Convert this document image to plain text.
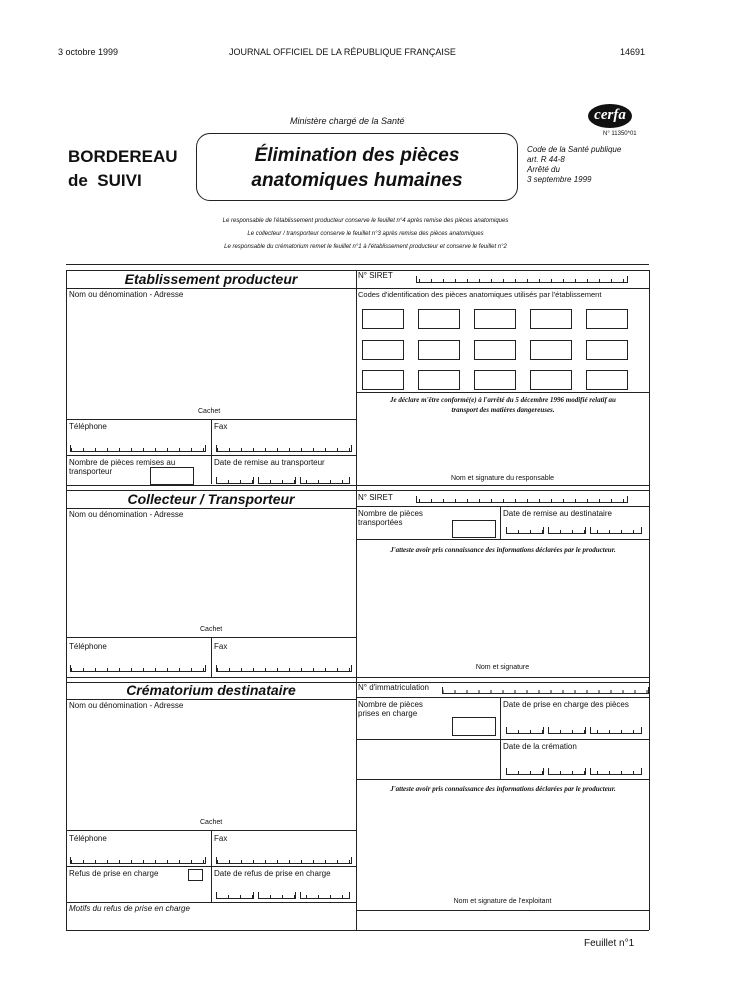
3 octobre 1999	JOURNAL OFFICIEL DE LA RÉPUBLIQUE FRANÇAISE	14691
Ministère chargé de la Santé	cerfa
N° 11350*01
BORDEREAU
de  SUIVI
Élimination des pièces
anatomiques humaines
Code de la Santé publique
art. R 44-8
Arrêté du
3 septembre 1999
Le responsable de l'établissement producteur conserve le feuillet n°4 après remise des pièces anatomiques
Le collecteur / transporteur conserve le feuillet n°3 après remise des pièces anatomiques
Le responsable du crématorium remet le feuillet n°1 à l'établissement producteur et conserve le feuillet n°2
Etablissement producteur	N° SIRET
Nom ou dénomination - Adresse	Codes d'identification des pièces anatomiques utilisés par l'établissement
Je déclare m'être conformé(e) à l'arrêté du 5 décembre 1996 modifié relatif au
transport des matières dangereuses.
Cachet
Téléphone	Fax
Nombre de pièces remises au
transporteur
Date de remise au transporteur
Nom et signature du responsable
Collecteur / Transporteur	N° SIRET
Nom ou dénomination - Adresse	Nombre de pièces
transportées
Date de remise au destinataire
J'atteste avoir pris connaissance des informations déclarées par le producteur.
Cachet
Téléphone	Fax
Nom et signature
Crématorium destinataire	N° d'immatriculation
Nom ou dénomination - Adresse	Nombre de pièces
prises en charge
Date de prise en charge des pièces
Date de la crémation
J'atteste avoir pris connaissance des informations déclarées par le producteur.
Cachet
Téléphone	Fax
Refus de prise en charge	Date de refus de prise en charge
Motifs du refus de prise en charge
Nom et signature de l'exploitant
Feuillet n°1
